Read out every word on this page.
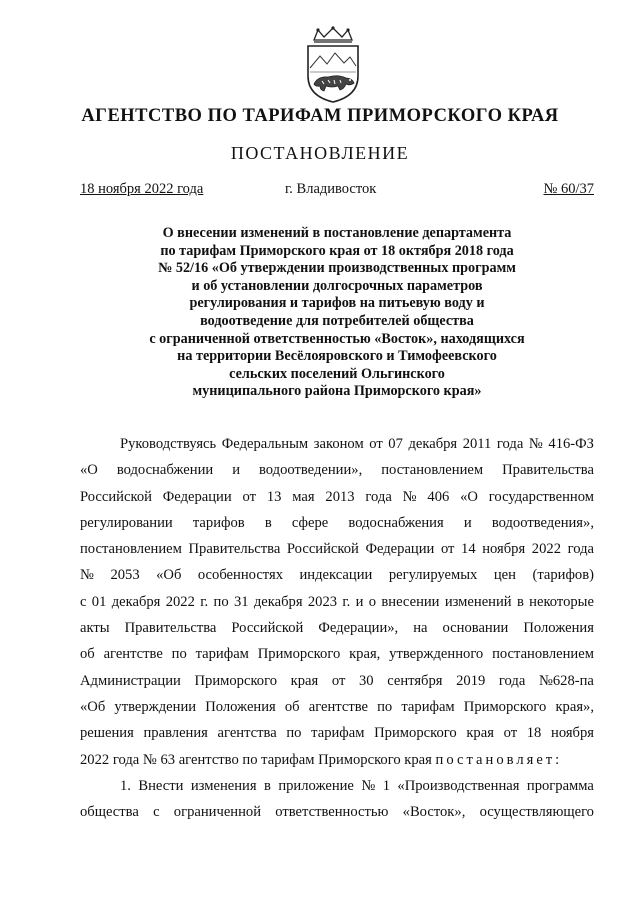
АГЕНТСТВО ПО ТАРИФАМ ПРИМОРСКОГО КРАЯ
ПОСТАНОВЛЕНИЕ
18 ноября 2022 года	г. Владивосток	№ 60/37
О внесении изменений в постановление департамента
по тарифам Приморского края от 18 октября 2018 года
№ 52/16 «Об утверждении производственных программ
и об установлении долгосрочных параметров
регулирования и тарифов на питьевую воду и
водоотведение для потребителей общества
с ограниченной ответственностью «Восток», находящихся
на территории Весёлояровского и Тимофеевского
сельских поселений Ольгинского
муниципального района Приморского края»
Руководствуясь Федеральным законом от 07 декабря 2011 года № 416-ФЗ
«О водоснабжении и водоотведении», постановлением Правительства
Российской Федерации от 13 мая 2013 года № 406 «О государственном
регулировании тарифов в сфере водоснабжения и водоотведения»,
постановлением Правительства Российской Федерации от 14 ноября 2022 года
№ 2053 «Об особенностях индексации регулируемых цен (тарифов)
с 01 декабря 2022 г. по 31 декабря 2023 г. и о внесении изменений в некоторые
акты Правительства Российской Федерации», на основании Положения
об агентстве по тарифам Приморского края, утвержденного постановлением
Администрации Приморского края от 30 сентября 2019 года №628-па
«Об утверждении Положения об агентстве по тарифам Приморского края»,
решения правления агентства по тарифам Приморского края от 18 ноября
2022 года № 63 агентство по тарифам Приморского края
постановляет:
1. Внести изменения в приложение № 1 «Производственная программа
общества с ограниченной ответственностью «Восток», осуществляющего
